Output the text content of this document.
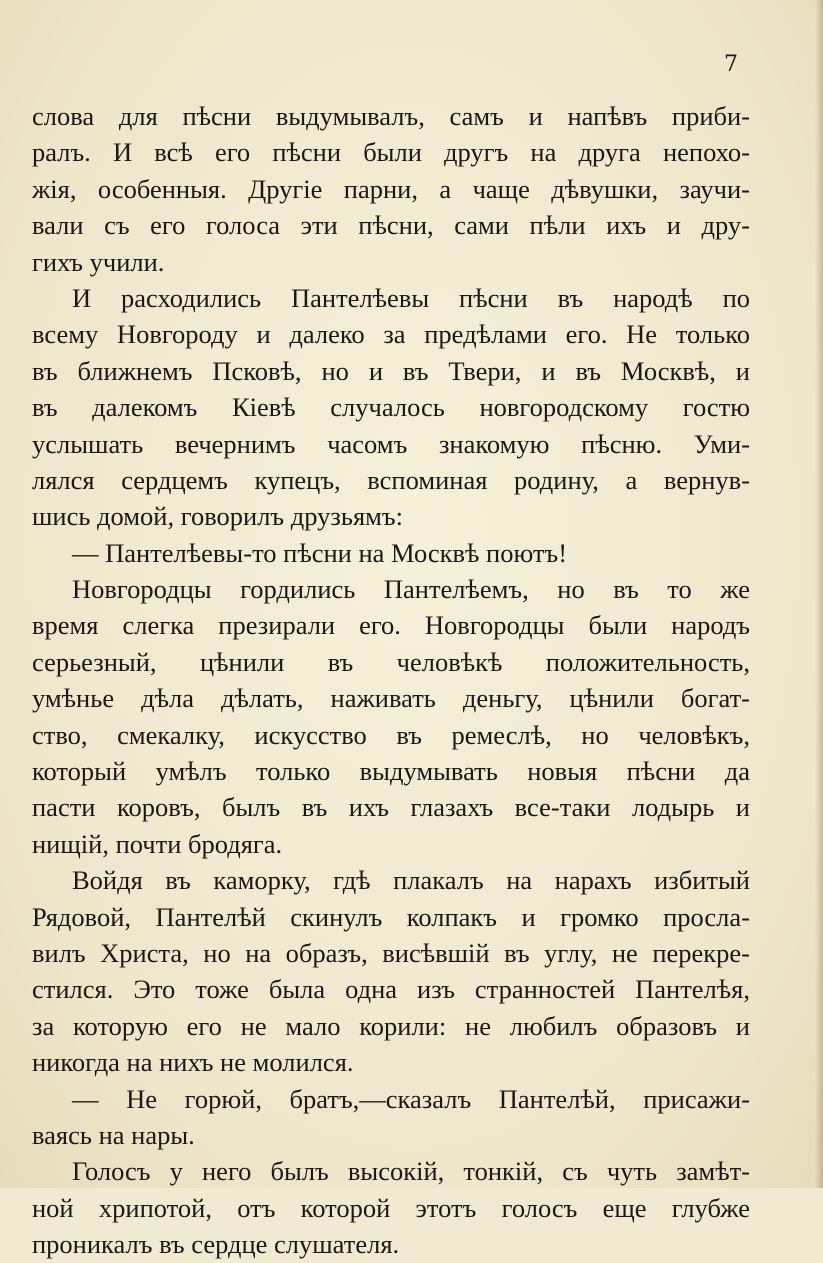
7
слова для пѣсни выдумывалъ, самъ и напѣвъ приби-
ралъ. И всѣ его пѣсни были другъ на друга непохо-
жія, особенныя. Другіе парни, а чаще дѣвушки, заучи-
вали съ его голоса эти пѣсни, сами пѣли ихъ и дру-
гихъ учили.
И расходились Пантелѣевы пѣсни въ народѣ по
всему Новгороду и далеко за предѣлами его. Не только
въ ближнемъ Псковѣ, но и въ Твери, и въ Москвѣ, и
въ далекомъ Кіевѣ случалось новгородскому гостю
услышать вечернимъ часомъ знакомую пѣсню. Уми-
лялся сердцемъ купецъ, вспоминая родину, а вернув-
шись домой, говорилъ друзьямъ:
— Пантелѣевы-то пѣсни на Москвѣ поютъ!
Новгородцы гордились Пантелѣемъ, но въ то же
время слегка презирали его. Новгородцы были народъ
серьезный, цѣнили въ человѣкѣ положительность,
умѣнье дѣла дѣлать, наживать деньгу, цѣнили богат-
ство, смекалку, искусство въ ремеслѣ, но человѣкъ,
который умѣлъ только выдумывать новыя пѣсни да
пасти коровъ, былъ въ ихъ глазахъ все-таки лодырь и
нищій, почти бродяга.
Войдя въ каморку, гдѣ плакалъ на нарахъ избитый
Рядовой, Пантелѣй скинулъ колпакъ и громко просла-
вилъ Христа, но на образъ, висѣвшій въ углу, не перекре-
стился. Это тоже была одна изъ странностей Пантелѣя,
за которую его не мало корили: не любилъ образовъ и
никогда на нихъ не молился.
— Не горюй, братъ,—сказалъ Пантелѣй, присажи-
ваясь на нары.
Голосъ у него былъ высокій, тонкій, съ чуть замѣт-
ной хрипотой, отъ которой этотъ голосъ еще глубже
проникалъ въ сердце слушателя.
